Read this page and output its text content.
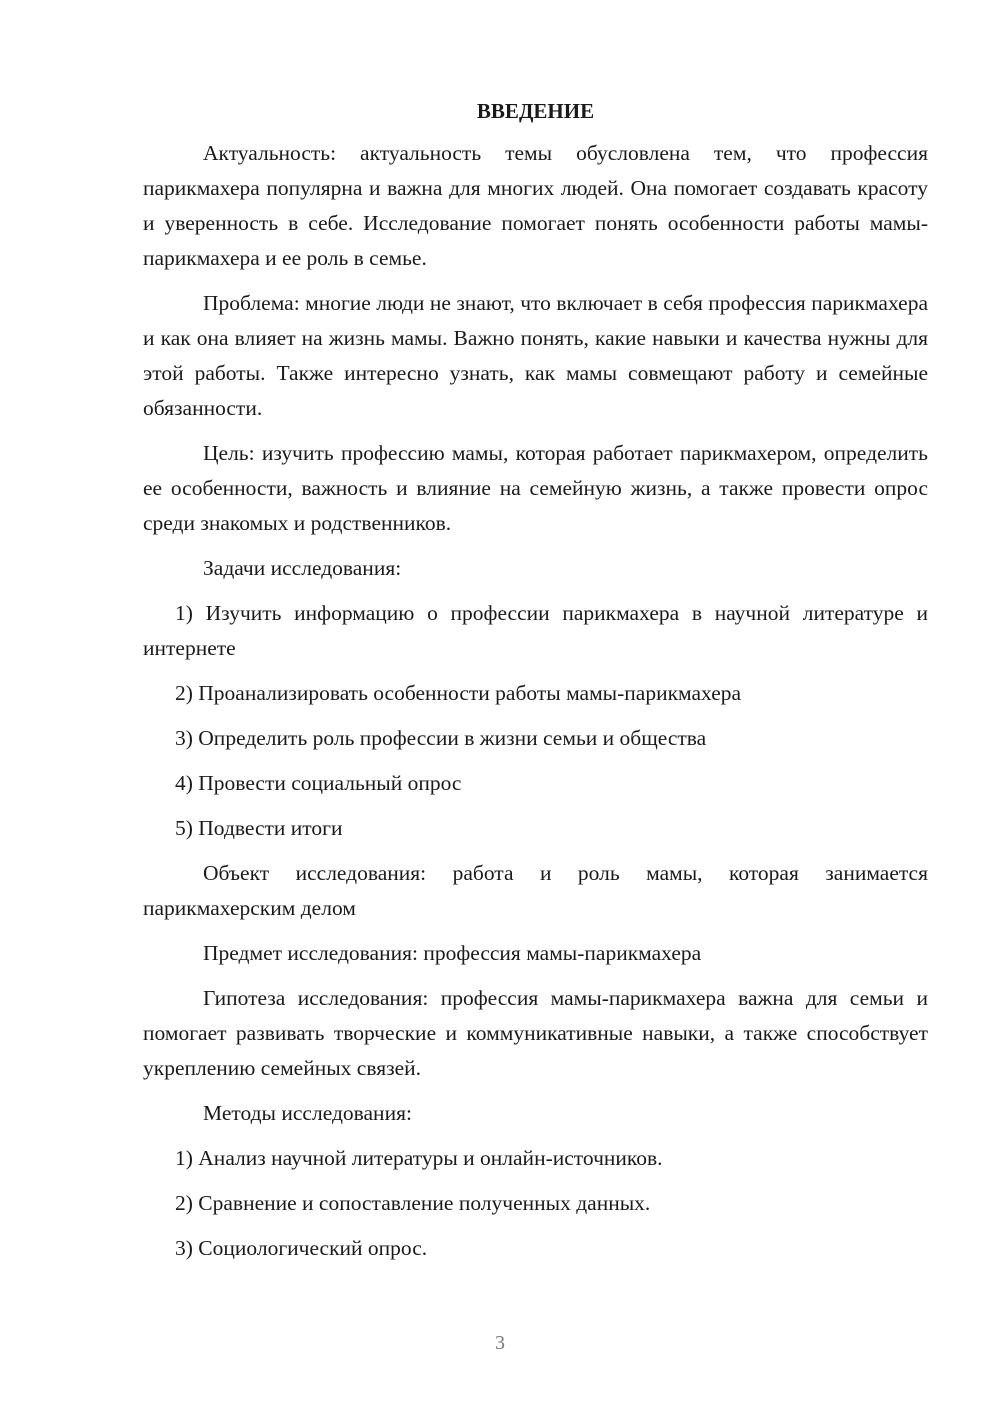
ВВЕДЕНИЕ

Актуальность: актуальность темы обусловлена тем, что профессия парикмахера популярна и важна для многих людей. Она помогает создавать красоту и уверенность в себе. Исследование помогает понять особенности работы мамы-парикмахера и ее роль в семье.

Проблема: многие люди не знают, что включает в себя профессия парикмахера и как она влияет на жизнь мамы. Важно понять, какие навыки и качества нужны для этой работы. Также интересно узнать, как мамы совмещают работу и семейные обязанности.

Цель: изучить профессию мамы, которая работает парикмахером, определить ее особенности, важность и влияние на семейную жизнь, а также провести опрос среди знакомых и родственников.

Задачи исследования:

1) Изучить информацию о профессии парикмахера в научной литературе и интернете

2) Проанализировать особенности работы мамы-парикмахера

3) Определить роль профессии в жизни семьи и общества

4) Провести социальный опрос

5) Подвести итоги

Объект исследования: работа и роль мамы, которая занимается парикмахерским делом

Предмет исследования: профессия мамы-парикмахера

Гипотеза исследования: профессия мамы-парикмахера важна для семьи и помогает развивать творческие и коммуникативные навыки, а также способствует укреплению семейных связей.

Методы исследования:

1) Анализ научной литературы и онлайн-источников.

2) Сравнение и сопоставление полученных данных.

3) Социологический опрос.

3
